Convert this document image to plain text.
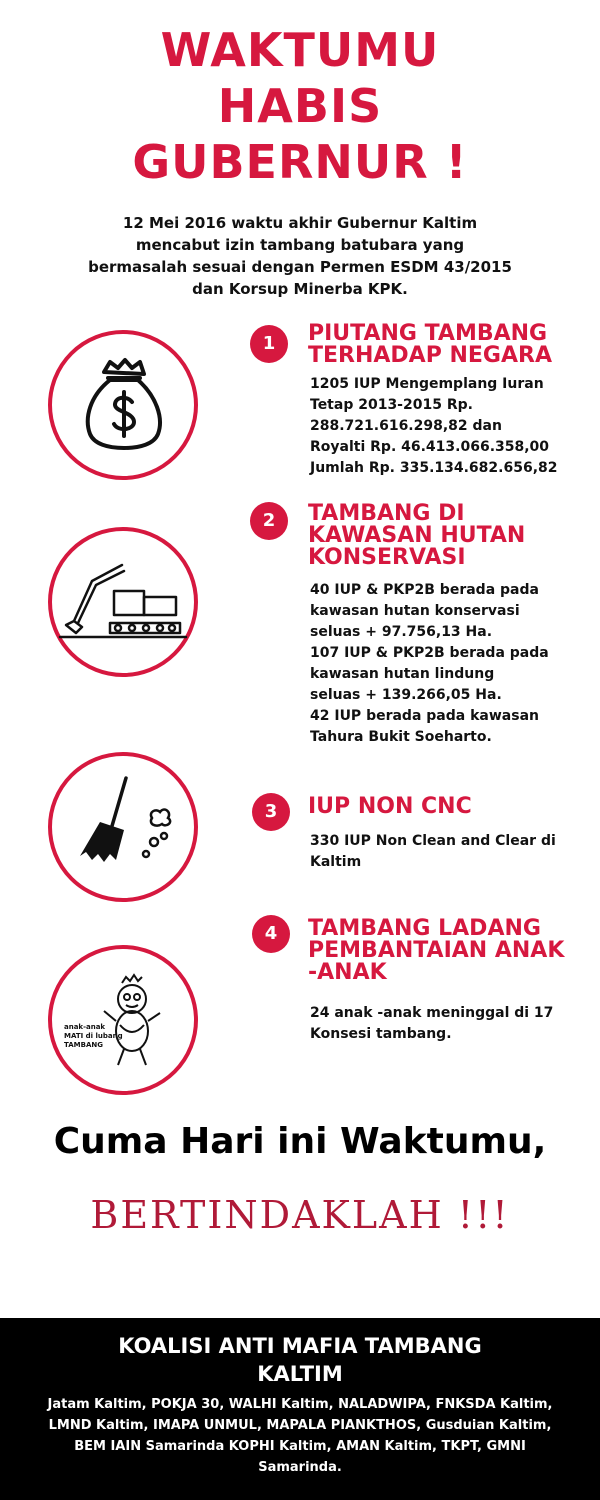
WAKTUMU
HABIS
GUBERNUR !
12 Mei 2016 waktu akhir Gubernur Kaltim
mencabut izin tambang batubara yang
bermasalah sesuai dengan Permen ESDM 43/2015
dan Korsup Minerba KPK.
1	PIUTANG TAMBANG
TERHADAP NEGARA
1205 IUP Mengemplang Iuran
Tetap 2013-2015 Rp.
288.721.616.298,82 dan
Royalti Rp. 46.413.066.358,00
Jumlah Rp. 335.134.682.656,82
2	TAMBANG DI
KAWASAN HUTAN
KONSERVASI
40 IUP & PKP2B berada pada
kawasan hutan konservasi
seluas + 97.756,13 Ha.
107 IUP & PKP2B berada pada
kawasan hutan lindung
seluas + 139.266,05 Ha.
42 IUP berada pada kawasan
Tahura Bukit Soeharto.
3	IUP NON CNC
330 IUP Non Clean and Clear di
Kaltim
anak-anak
MATI di lubang
TAMBANG
4	TAMBANG LADANG
PEMBANTAIAN ANAK
-ANAK
24 anak -anak meninggal di 17
Konsesi tambang.
Cuma Hari ini Waktumu,
BERTINDAKLAH !!!
KOALISI ANTI MAFIA TAMBANG
KALTIM
Jatam Kaltim, POKJA 30, WALHI Kaltim, NALADWIPA, FNKSDA Kaltim,
LMND Kaltim, IMAPA UNMUL, MAPALA PIANKTHOS, Gusduian Kaltim,
BEM IAIN Samarinda KOPHI Kaltim, AMAN Kaltim, TKPT, GMNI
Samarinda.
